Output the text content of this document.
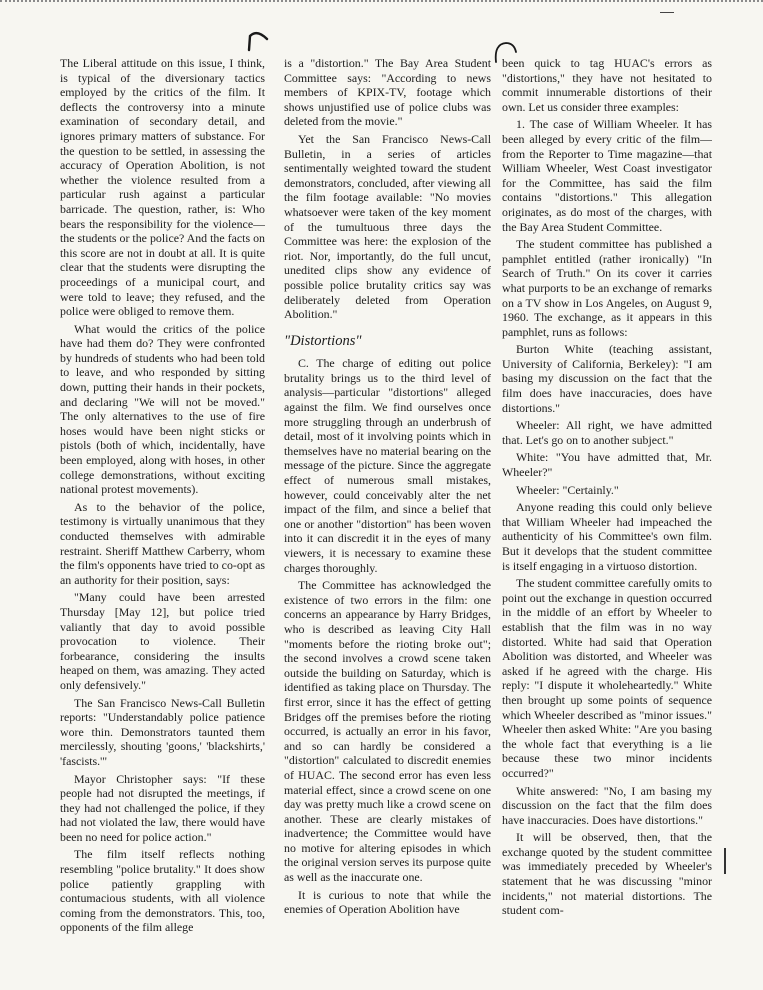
The Liberal attitude on this issue, I think, is typical of the diversionary tactics employed by the critics of the film. It deflects the controversy into a minute examination of secondary detail, and ignores primary matters of substance. For the question to be settled, in assessing the accuracy of Operation Abolition, is not whether the violence resulted from a particular rush against a particular barricade. The question, rather, is: Who bears the responsibility for the violence—the students or the police? And the facts on this score are not in doubt at all. It is quite clear that the students were disrupting the proceedings of a municipal court, and were told to leave; they refused, and the police were obliged to remove them.

What would the critics of the police have had them do? They were confronted by hundreds of students who had been told to leave, and who responded by sitting down, putting their hands in their pockets, and declaring "We will not be moved." The only alternatives to the use of fire hoses would have been night sticks or pistols (both of which, incidentally, have been employed, along with hoses, in other college demonstrations, without exciting national protest movements).

As to the behavior of the police, testimony is virtually unanimous that they conducted themselves with admirable restraint. Sheriff Matthew Carberry, whom the film's opponents have tried to co-opt as an authority for their position, says:

"Many could have been arrested Thursday [May 12], but police tried valiantly that day to avoid possible provocation to violence. Their forbearance, considering the insults heaped on them, was amazing. They acted only defensively."

The San Francisco News-Call Bulletin reports: "Understandably police patience wore thin. Demonstrators taunted them mercilessly, shouting 'goons,' 'blackshirts,' 'fascists.'"

Mayor Christopher says: "If these people had not disrupted the meetings, if they had not challenged the police, if they had not violated the law, there would have been no need for police action."

The film itself reflects nothing resembling "police brutality." It does show police patiently grappling with contumacious students, with all violence coming from the demonstrators. This, too, opponents of the film allege

is a "distortion." The Bay Area Student Committee says: "According to news members of KPIX-TV, footage which shows unjustified use of police clubs was deleted from the movie."

Yet the San Francisco News-Call Bulletin, in a series of articles sentimentally weighted toward the student demonstrators, concluded, after viewing all the film footage available: "No movies whatsoever were taken of the key moment of the tumultuous three days the Committee was here: the explosion of the riot. Nor, importantly, do the full uncut, unedited clips show any evidence of possible police brutality critics say was deliberately deleted from Operation Abolition."

"Distortions"

C. The charge of editing out police brutality brings us to the third level of analysis—particular "distortions" alleged against the film. We find ourselves once more struggling through an underbrush of detail, most of it involving points which in themselves have no material bearing on the message of the picture. Since the aggregate effect of numerous small mistakes, however, could conceivably alter the net impact of the film, and since a belief that one or another "distortion" has been woven into it can discredit it in the eyes of many viewers, it is necessary to examine these charges thoroughly.

The Committee has acknowledged the existence of two errors in the film: one concerns an appearance by Harry Bridges, who is described as leaving City Hall "moments before the rioting broke out"; the second involves a crowd scene taken outside the building on Saturday, which is identified as taking place on Thursday. The first error, since it has the effect of getting Bridges off the premises before the rioting occurred, is actually an error in his favor, and so can hardly be considered a "distortion" calculated to discredit enemies of HUAC. The second error has even less material effect, since a crowd scene on one day was pretty much like a crowd scene on another. These are clearly mistakes of inadvertence; the Committee would have no motive for altering episodes in which the original version serves its purpose quite as well as the inaccurate one.

It is curious to note that while the enemies of Operation Abolition have

been quick to tag HUAC's errors as "distortions," they have not hesitated to commit innumerable distortions of their own. Let us consider three examples:

1. The case of William Wheeler. It has been alleged by every critic of the film—from the Reporter to Time magazine—that William Wheeler, West Coast investigator for the Committee, has said the film contains "distortions." This allegation originates, as do most of the charges, with the Bay Area Student Committee.

The student committee has published a pamphlet entitled (rather ironically) "In Search of Truth." On its cover it carries what purports to be an exchange of remarks on a TV show in Los Angeles, on August 9, 1960. The exchange, as it appears in this pamphlet, runs as follows:

Burton White (teaching assistant, University of California, Berkeley): "I am basing my discussion on the fact that the film does have inaccuracies, does have distortions."

Wheeler: All right, we have admitted that. Let's go on to another subject."

White: "You have admitted that, Mr. Wheeler?"

Wheeler: "Certainly."

Anyone reading this could only believe that William Wheeler had impeached the authenticity of his Committee's own film. But it develops that the student committee is itself engaging in a virtuoso distortion.

The student committee carefully omits to point out the exchange in question occurred in the middle of an effort by Wheeler to establish that the film was in no way distorted. White had said that Operation Abolition was distorted, and Wheeler was asked if he agreed with the charge. His reply: "I dispute it wholeheartedly." White then brought up some points of sequence which Wheeler described as "minor issues." Wheeler then asked White: "Are you basing the whole fact that everything is a lie because these two minor incidents occurred?"

White answered: "No, I am basing my discussion on the fact that the film does have inaccuracies. Does have distortions."

It will be observed, then, that the exchange quoted by the student committee was immediately preceded by Wheeler's statement that he was discussing "minor incidents," not material distortions. The student com-
